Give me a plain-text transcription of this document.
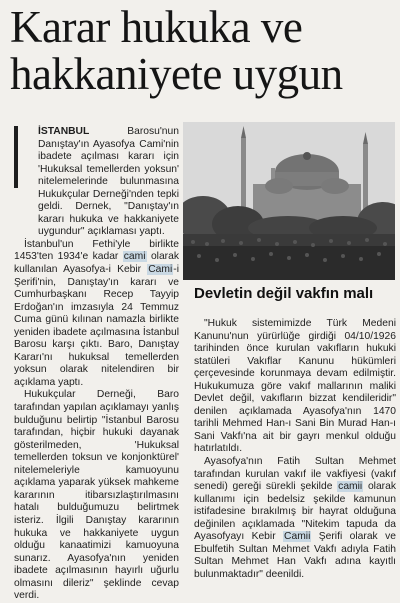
Karar hukuka ve
hakkaniyete uygun

İSTANBUL Barosu'nun Danıştay'ın Ayasofya Cami'nin ibadete açılması kararı için 'Hukuksal temellerden yoksun' nitelemelerinde bulunmasına Hukukçular Derneği'nden tepki geldi. Dernek, "Danıştay'ın kararı hukuka ve hakkaniyete uygundur" açıklaması yaptı.

İstanbul'un Fethi'yle birlikte 1453'ten 1934'e kadar cami olarak kullanılan Ayasofya-i Kebir Cami-i Şerifi'nin, Danıştay'ın kararı ve Cumhurbaşkanı Recep Tayyip Erdoğan'ın imzasıyla 24 Temmuz Cuma günü kılınan namazla birlikte yeniden ibadete açılmasına İstanbul Barosu karşı çıktı. Baro, Danıştay Kararı'nı hukuksal temellerden yoksun olarak nitelendiren bir açıklama yaptı.

Hukukçular Derneği, Baro tarafından yapılan açıklamayı yanlış bulduğunu belirtip "İstanbul Barosu tarafından, hiçbir hukuki dayanak gösterilmeden, 'Hukuksal temellerden toksun ve konjonktürel' nitelemeleriyle kamuoyunu açıklama yaparak yüksek mahkeme kararının itibarsızlaştırılmasını hatalı bulduğumuzu belirtmek isteriz. İlgili Danıştay kararının hukuka ve hakkaniyete uygun olduğu kanaatimizi kamuoyuna sunarız. Ayasofya'nın yeniden ibadete açılmasının hayırlı uğurlu olmasını dileriz" şeklinde cevap verdi.

Devletin değil vakfın malı

"Hukuk sistemimizde Türk Medeni Kanunu'nun yürürlüğe girdiği 04/10/1926 tarihinden önce kurulan vakıfların hukuki statüleri Vakıflar Kanunu hükümleri çerçevesinde korunmaya devam edilmiştir. Hukukumuza göre vakıf mallarının maliki Devlet değil, vakıfların bizzat kendileridir" denilen açıklamada Ayasofya'nın 1470 tarihli Mehmed Han-ı Sani Bin Murad Han-ı Sani Vakfı'na ait bir gayrı menkul olduğu hatırlatıldı.

Ayasofya'nın Fatih Sultan Mehmet tarafından kurulan vakıf ile vakfiyesi (vakıf senedi) gereği sürekli şekilde camii olarak kullanımı için bedelsiz şekilde kamunun istifadesine bırakılmış bir hayrat olduğuna değinilen açıklamada "Nitekim tapuda da Ayasofyayı Kebir Camii Şerifi olarak ve Ebulfetih Sultan Mehmet Vakfı adıyla Fatih Sultan Mehmet Han Vakfı adına kayıtlı bulunmaktadır" deenildi.
